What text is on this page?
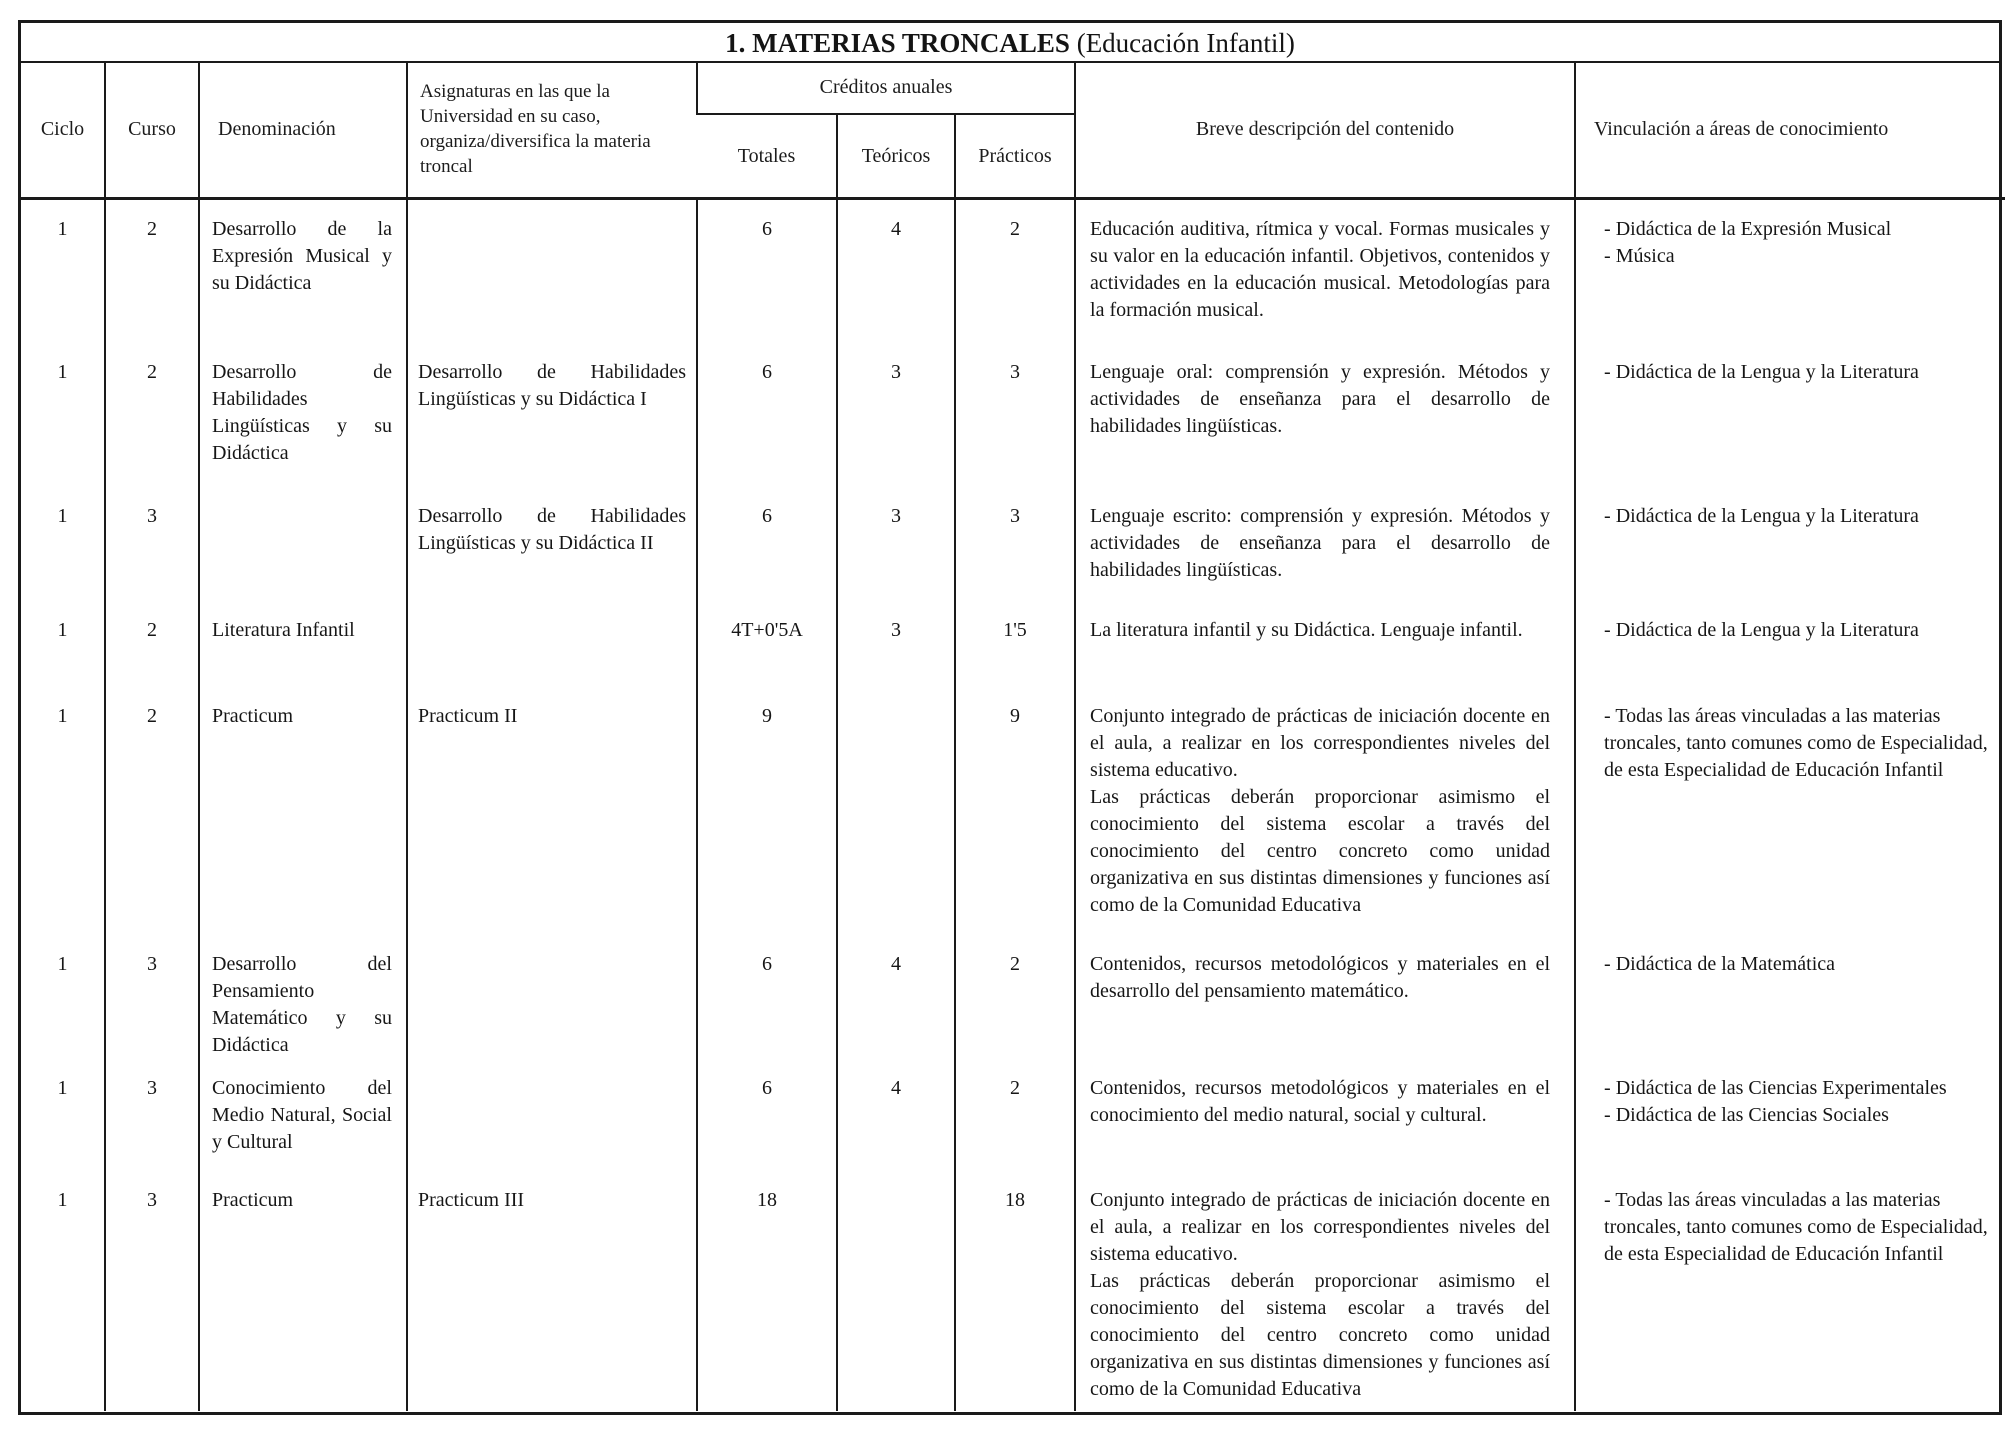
1. MATERIAS TRONCALES (Educación Infantil)
Ciclo	Curso	Denominación	Asignaturas en las que la Universidad en su caso, organiza/diversifica la materia troncal	Créditos anuales			Breve descripción del contenido	Vinculación a áreas de conocimiento
				Totales	Teóricos	Prácticos		
1	2	Desarrollo de la Expresión Musical y su Didáctica		6	4	2	Educación auditiva, rítmica y vocal. Formas musicales y su valor en la educación infantil. Objetivos, contenidos y actividades en la educación musical. Metodologías para la formación musical.	- Didáctica de la Expresión Musical
- Música

1	2	Desarrollo de Habilidades Lingüísticas y su Didáctica	Desarrollo de Habilidades Lingüísticas y su Didáctica I	6	3	3	Lenguaje oral: comprensión y expresión. Métodos y actividades de enseñanza para el desarrollo de habilidades lingüísticas.	- Didáctica de la Lengua y la Literatura

1	3		Desarrollo de Habilidades Lingüísticas y su Didáctica II	6	3	3	Lenguaje escrito: comprensión y expresión. Métodos y actividades de enseñanza para el desarrollo de habilidades lingüísticas.	- Didáctica de la Lengua y la Literatura

1	2	Literatura Infantil		4T+0'5A	3	1'5	La literatura infantil y su Didáctica. Lenguaje infantil.	- Didáctica de la Lengua y la Literatura

1	2	Practicum	Practicum II	9		9	Conjunto integrado de prácticas de iniciación docente en el aula, a realizar en los correspondientes niveles del sistema educativo.
Las prácticas deberán proporcionar asimismo el conocimiento del sistema escolar a través del conocimiento del centro concreto como unidad organizativa en sus distintas dimensiones y funciones así como de la Comunidad Educativa	- Todas las áreas vinculadas a las materias troncales, tanto comunes como de Especialidad, de esta Especialidad de Educación Infantil

1	3	Desarrollo del Pensamiento Matemático y su Didáctica		6	4	2	Contenidos, recursos metodológicos y materiales en el desarrollo del pensamiento matemático.	- Didáctica de la Matemática

1	3	Conocimiento del Medio Natural, Social y Cultural		6	4	2	Contenidos, recursos metodológicos y materiales en el conocimiento del medio natural, social y cultural.	- Didáctica de las Ciencias Experimentales
- Didáctica de las Ciencias Sociales

1	3	Practicum	Practicum III	18		18	Conjunto integrado de prácticas de iniciación docente en el aula, a realizar en los correspondientes niveles del sistema educativo.
Las prácticas deberán proporcionar asimismo el conocimiento del sistema escolar a través del conocimiento del centro concreto como unidad organizativa en sus distintas dimensiones y funciones así como de la Comunidad Educativa	- Todas las áreas vinculadas a las materias troncales, tanto comunes como de Especialidad, de esta Especialidad de Educación Infantil
